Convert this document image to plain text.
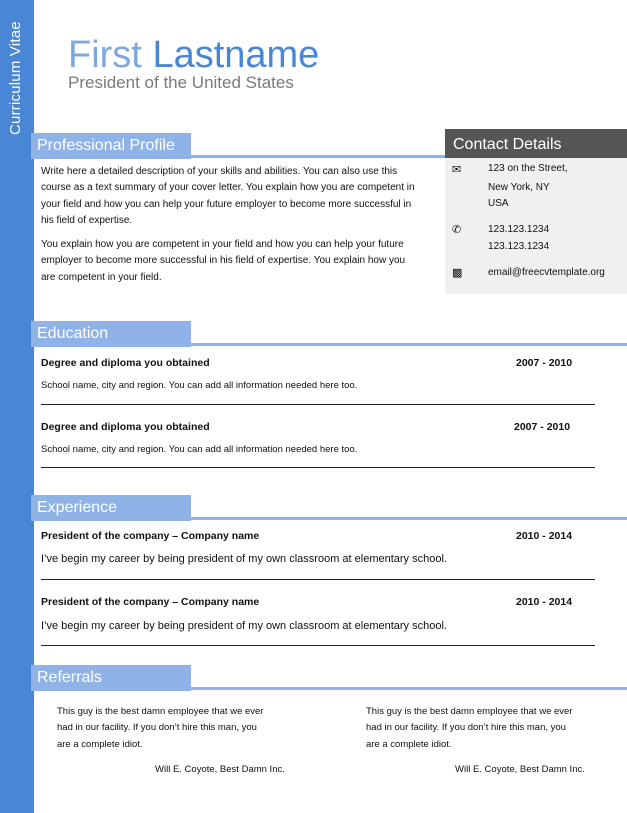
Curriculum Vitae First Lastname
President of the United States
Professional Profile
Write here a detailed description of your skills and abilities. You can also use this
course as a text summary of your cover letter. You explain how you are competent in
your field and how you can help your future employer to become more successful in
his field of expertise.
You explain how you are competent in your field and how you can help your future
employer to become more successful in his field of expertise. You explain how you
are competent in your field.
Contact Details
✉	123 on the Street,
New York, NY
USA
✆	123.123.1234
123.123.1234
▩	email@freecvtemplate.org
Education
Degree and diploma you obtained	2007 - 2010
School name, city and region. You can add all information needed here too.
Degree and diploma you obtained	2007 - 2010
School name, city and region. You can add all information needed here too.
Experience
President of the company – Company name	2010 - 2014
I’ve begin my career by being president of my own classroom at elementary school.
President of the company – Company name	2010 - 2014
I’ve begin my career by being president of my own classroom at elementary school.
Referrals
This guy is the best damn employee that we ever
had in our facility. If you don’t hire this man, you
are a complete idiot.
Will E. Coyote, Best Damn Inc.
This guy is the best damn employee that we ever
had in our facility. If you don’t hire this man, you
are a complete idiot.
Will E. Coyote, Best Damn Inc.
